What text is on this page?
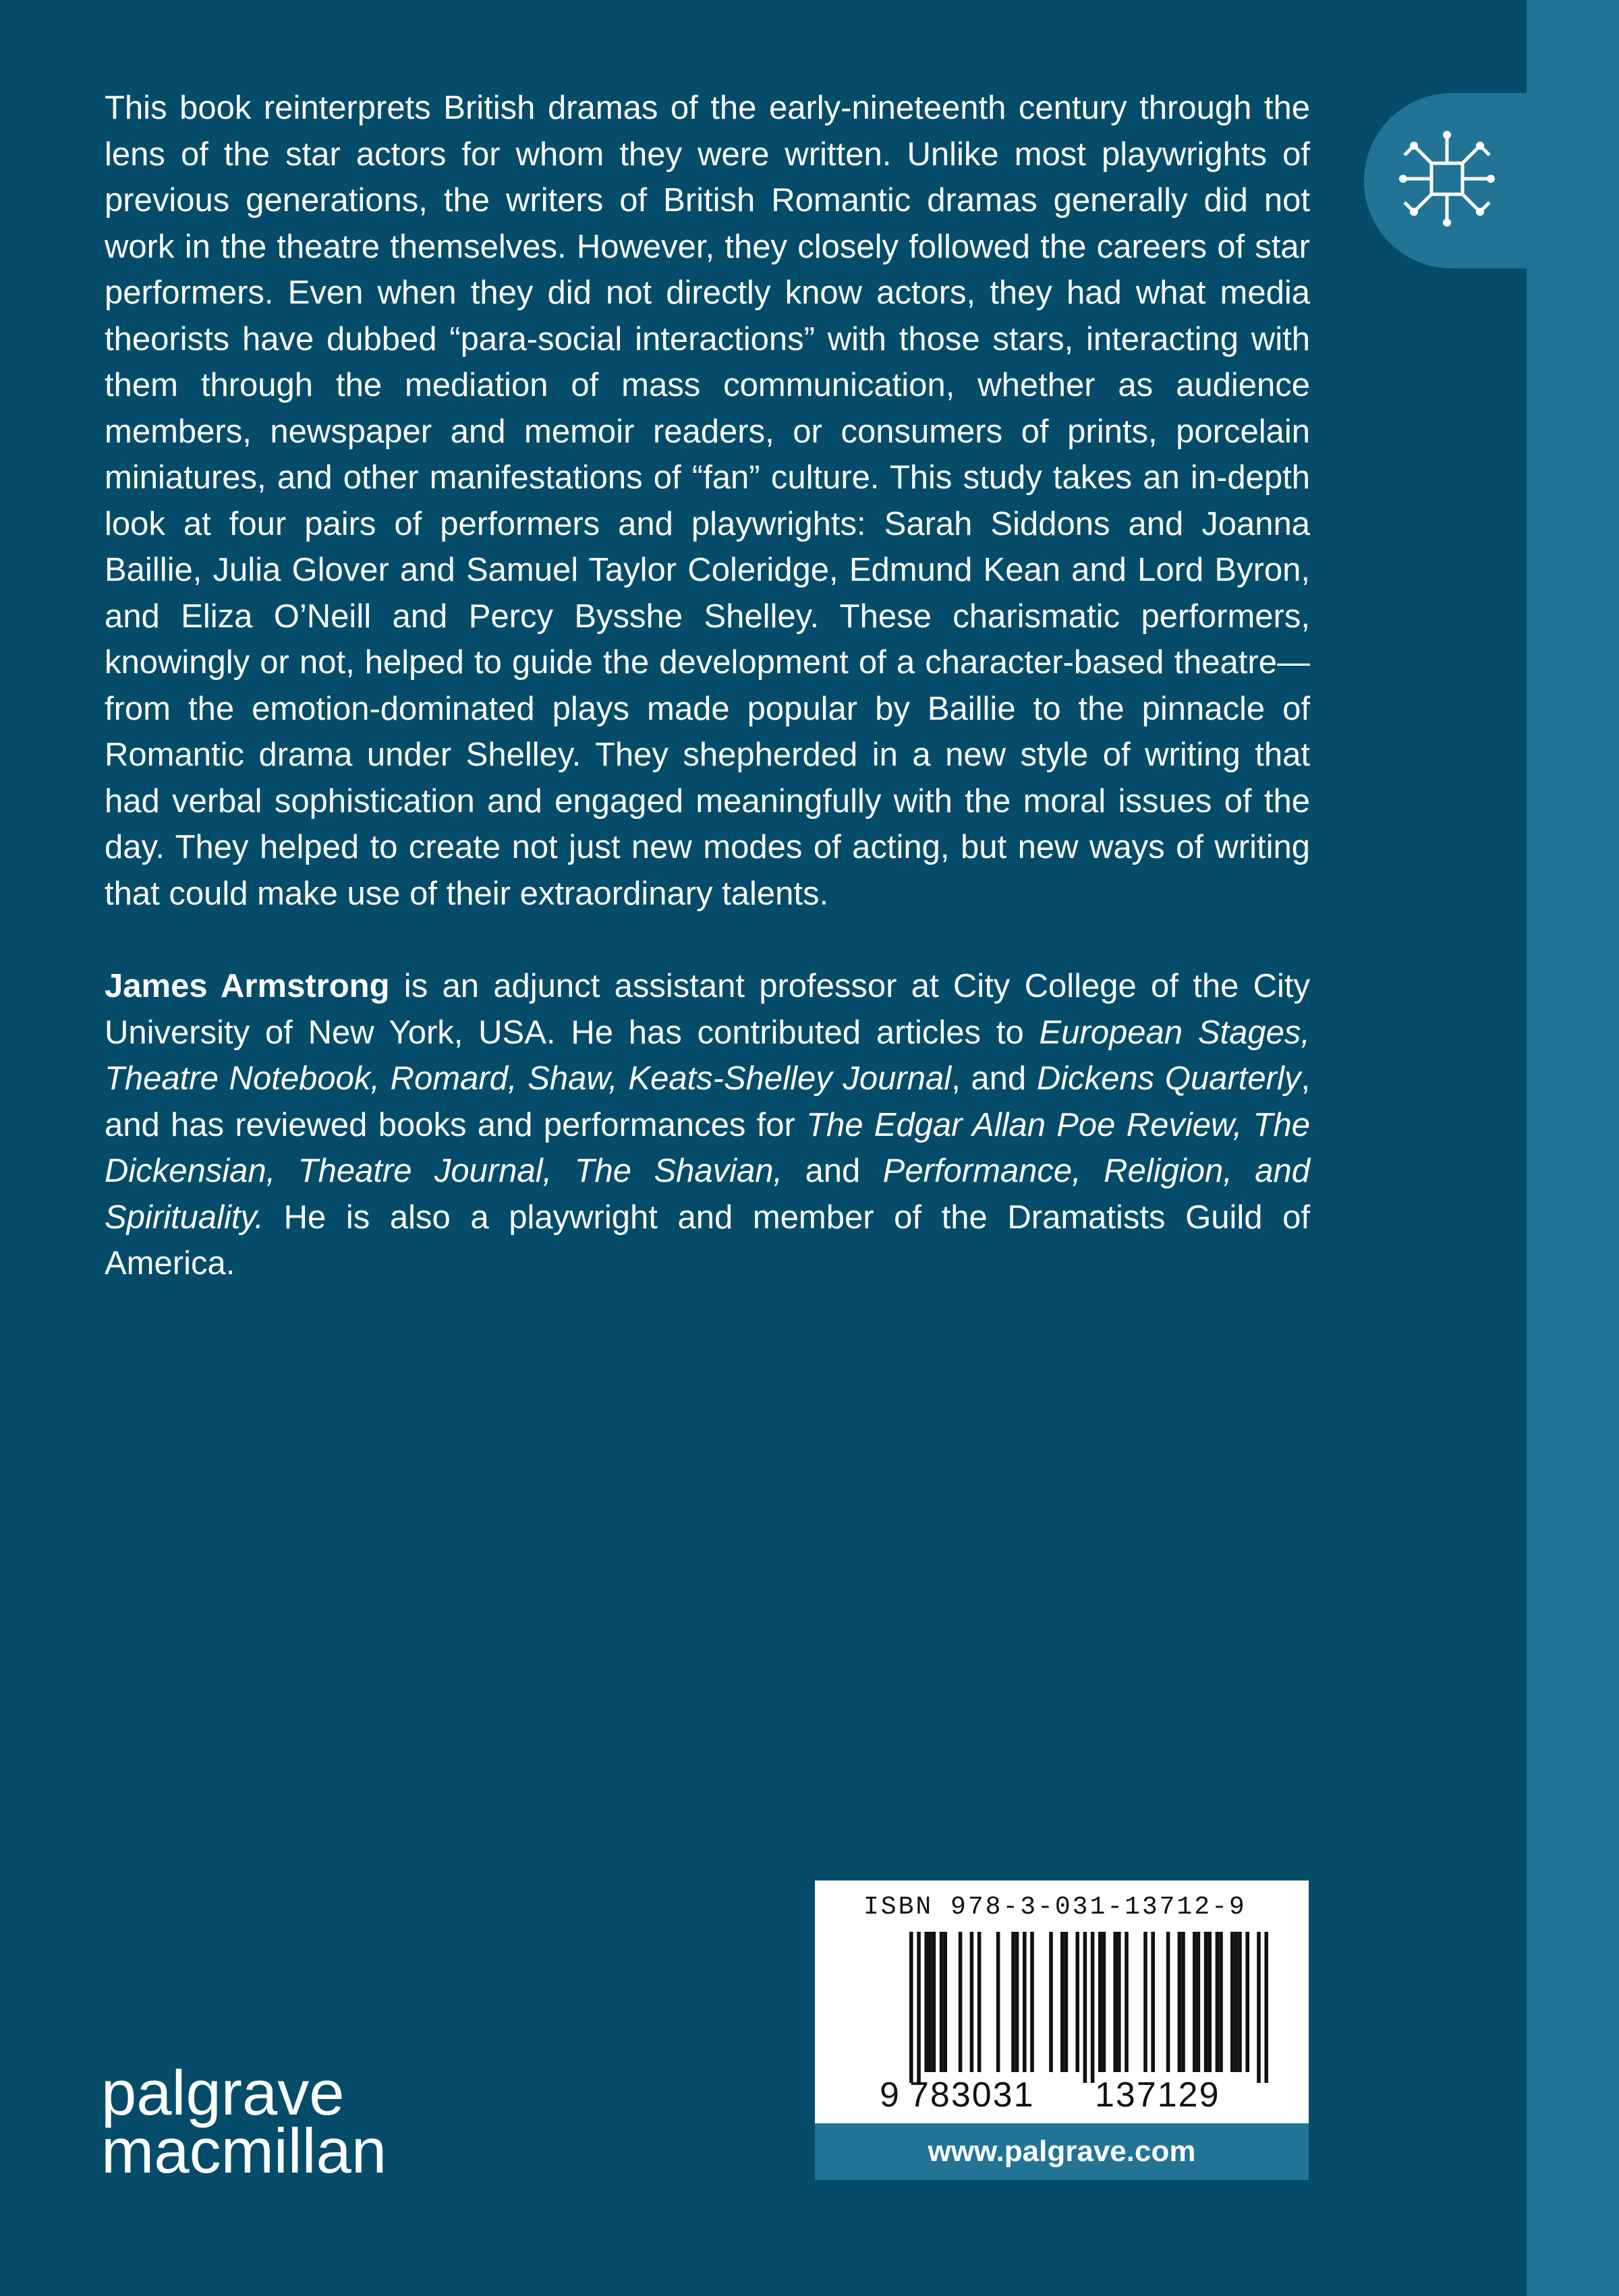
This book reinterprets British dramas of the early-nineteenth century through the lens of the star actors for whom they were written. Unlike most playwrights of previous generations, the writers of British Romantic dramas generally did not work in the theatre themselves. However, they closely followed the careers of star performers. Even when they did not directly know actors, they had what media theorists have dubbed “para-social interactions” with those stars, interacting with them through the mediation of mass communication, whether as audience members, newspaper and memoir readers, or consumers of prints, porcelain miniatures, and other manifestations of “fan” culture. This study takes an in-depth look at four pairs of performers and playwrights: Sarah Siddons and Joanna Baillie, Julia Glover and Samuel Taylor Coleridge, Edmund Kean and Lord Byron, and Eliza O’Neill and Percy Bysshe Shelley. These charismatic performers, knowingly or not, helped to guide the development of a character-based theatre—from the emotion-dominated plays made popular by Baillie to the pinnacle of Romantic drama under Shelley. They shepherded in a new style of writing that had verbal sophistication and engaged meaningfully with the moral issues of the day. They helped to create not just new modes of acting, but new ways of writing that could make use of their extraordinary talents.

James Armstrong is an adjunct assistant professor at City College of the City University of New York, USA. He has contributed articles to European Stages, Theatre Notebook, Romard, Shaw, Keats-Shelley Journal, and Dickens Quarterly, and has reviewed books and performances for The Edgar Allan Poe Review, The Dickensian, Theatre Journal, The Shavian, and Performance, Religion, and Spirituality. He is also a playwright and member of the Dramatists Guild of America.

ISBN 978-3-031-13712-9
9 783031 137129
www.palgrave.com
palgrave
macmillan
